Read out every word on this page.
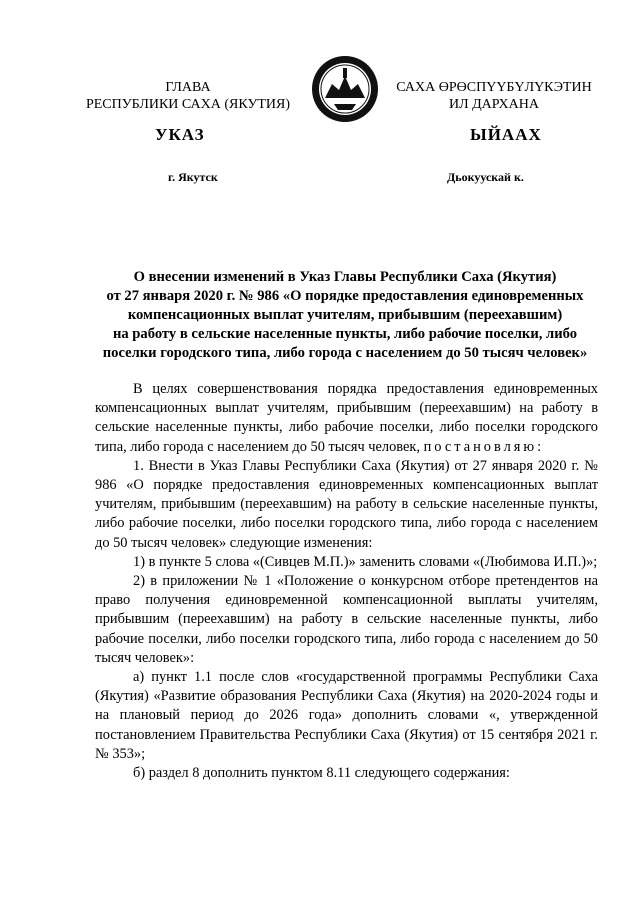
ГЛАВА
РЕСПУБЛИКИ САХА (ЯКУТИЯ)
САХА ӨРӨСПҮҮБҮЛҮКЭТИН
ИЛ ДАРХАНА
УКАЗ	ЫЙААХ
г. Якутск	Дьокуускай к.
О внесении изменений в Указ Главы Республики Саха (Якутия)
от 27 января 2020 г. № 986 «О порядке предоставления единовременных
компенсационных выплат учителям, прибывшим (переехавшим)
на работу в сельские населенные пункты, либо рабочие поселки, либо
поселки городского типа, либо города с населением до 50 тысяч человек»

В целях совершенствования порядка предоставления единовременных компенсационных выплат учителям, прибывшим (переехавшим) на работу в сельские населенные пункты, либо рабочие поселки, либо поселки городского типа, либо города с населением до 50 тысяч человек, постановляю:

1. Внести в Указ Главы Республики Саха (Якутия) от 27 января 2020 г. № 986 «О порядке предоставления единовременных компенсационных выплат учителям, прибывшим (переехавшим) на работу в сельские населенные пункты, либо рабочие поселки, либо поселки городского типа, либо города с населением до 50 тысяч человек» следующие изменения:

1) в пункте 5 слова «(Сивцев М.П.)» заменить словами «(Любимова И.П.)»;

2) в приложении № 1 «Положение о конкурсном отборе претендентов на право получения единовременной компенсационной выплаты учителям, прибывшим (переехавшим) на работу в сельские населенные пункты, либо рабочие поселки, либо поселки городского типа, либо города с населением до 50 тысяч человек»:

а) пункт 1.1 после слов «государственной программы Республики Саха (Якутия) «Развитие образования Республики Саха (Якутия) на 2020-2024 годы и на плановый период до 2026 года» дополнить словами «, утвержденной постановлением Правительства Республики Саха (Якутия) от 15 сентября 2021 г. № 353»;

б) раздел 8 дополнить пунктом 8.11 следующего содержания:
